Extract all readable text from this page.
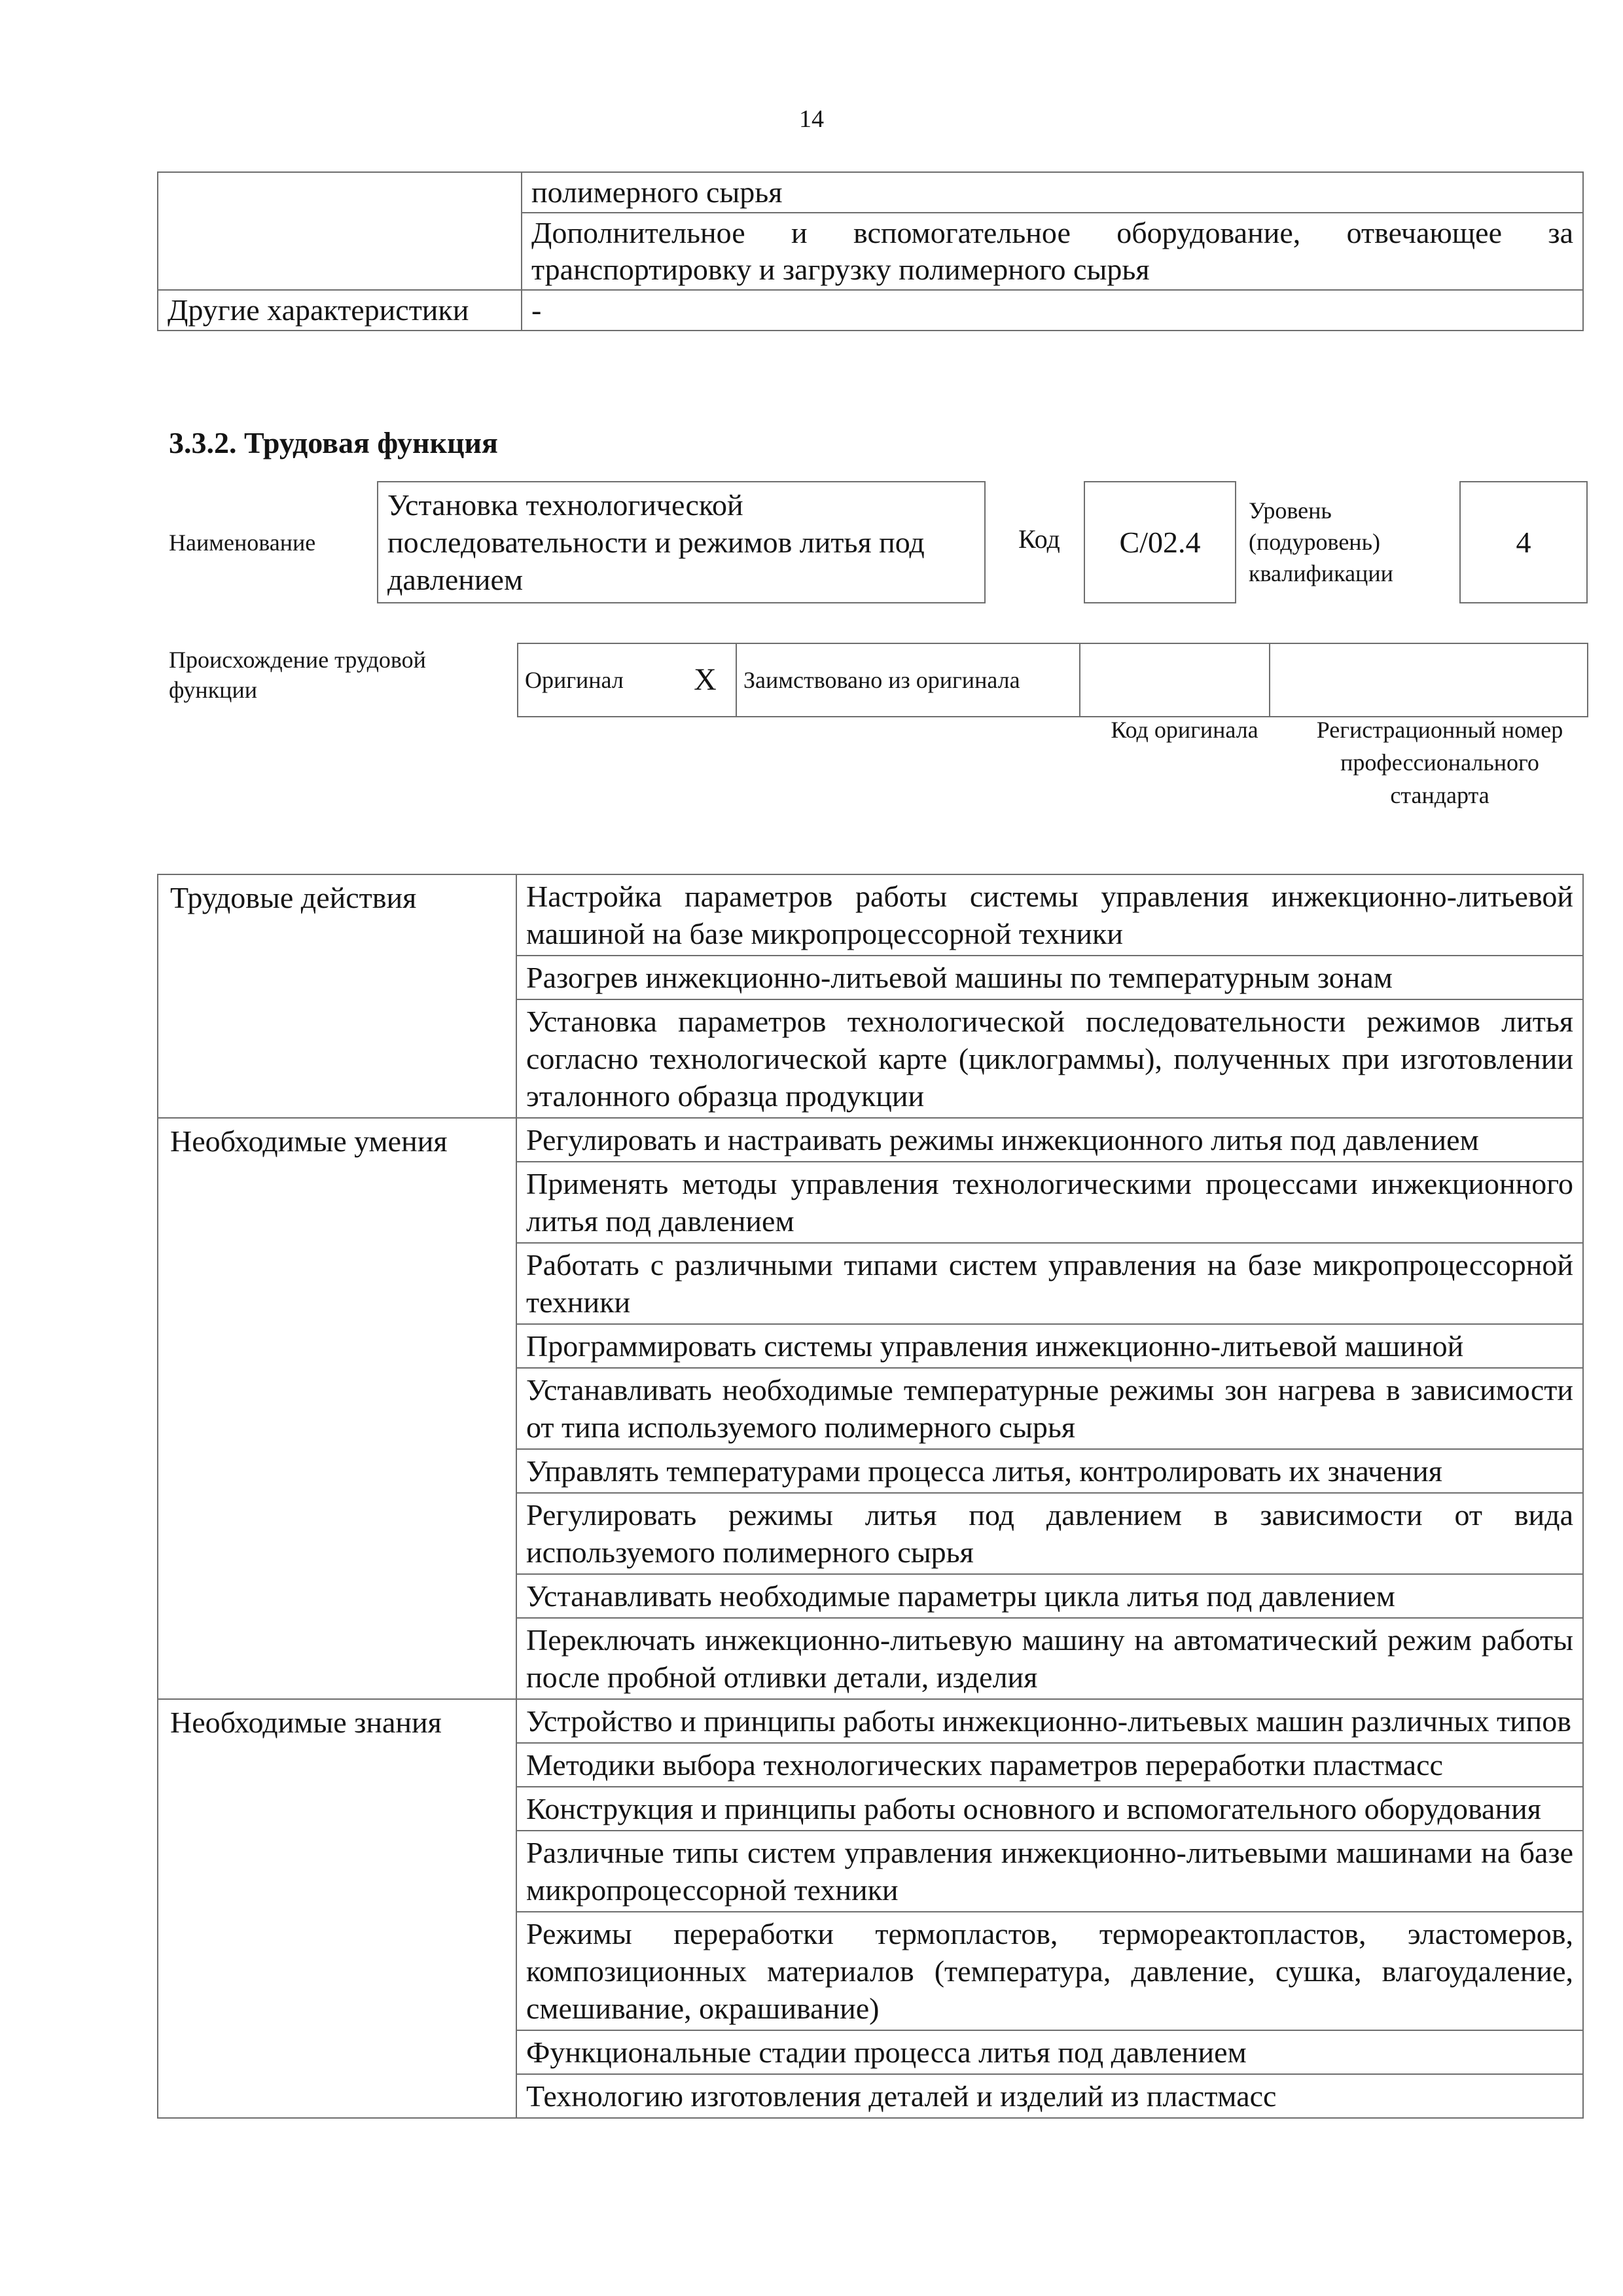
14
	полимерного сырья
	Дополнительное и вспомогательное оборудование, отвечающее за транспортировку и загрузку полимерного сырья
Другие характеристики	-
3.3.2. Трудовая функция
Наименование
Установка технологической последовательности и режимов литья под давлением
Код C/02.4
Уровень (подуровень) квалификации
4
Происхождение трудовой функции	Оригинал	X	Заимствовано из оригинала		
Код оригинала	Регистрационный номер профессионального стандарта
Трудовые действия	Настройка параметров работы системы управления инжекционно-литьевой машиной на базе микропроцессорной техники
	Разогрев инжекционно-литьевой машины по температурным зонам
	Установка параметров технологической последовательности режимов литья согласно технологической карте (циклограммы), полученных при изготовлении эталонного образца продукции
Необходимые умения	Регулировать и настраивать режимы инжекционного литья под давлением
	Применять методы управления технологическими процессами инжекционного литья под давлением
	Работать с различными типами систем управления на базе микропроцессорной техники
	Программировать системы управления инжекционно-литьевой машиной
	Устанавливать необходимые температурные режимы зон нагрева в зависимости от типа используемого полимерного сырья
	Управлять температурами процесса литья, контролировать их значения
	Регулировать режимы литья под давлением в зависимости от вида используемого полимерного сырья
	Устанавливать необходимые параметры цикла литья под давлением
	Переключать инжекционно-литьевую машину на автоматический режим работы после пробной отливки детали, изделия
Необходимые знания	Устройство и принципы работы инжекционно-литьевых машин различных типов
	Методики выбора технологических параметров переработки пластмасс
	Конструкция и принципы работы основного и вспомогательного оборудования
	Различные типы систем управления инжекционно-литьевыми машинами на базе микропроцессорной техники
	Режимы переработки термопластов, термореактопластов, эластомеров, композиционных материалов (температура, давление, сушка, влагоудаление, смешивание, окрашивание)
	Функциональные стадии процесса литья под давлением
	Технологию изготовления деталей и изделий из пластмасс
